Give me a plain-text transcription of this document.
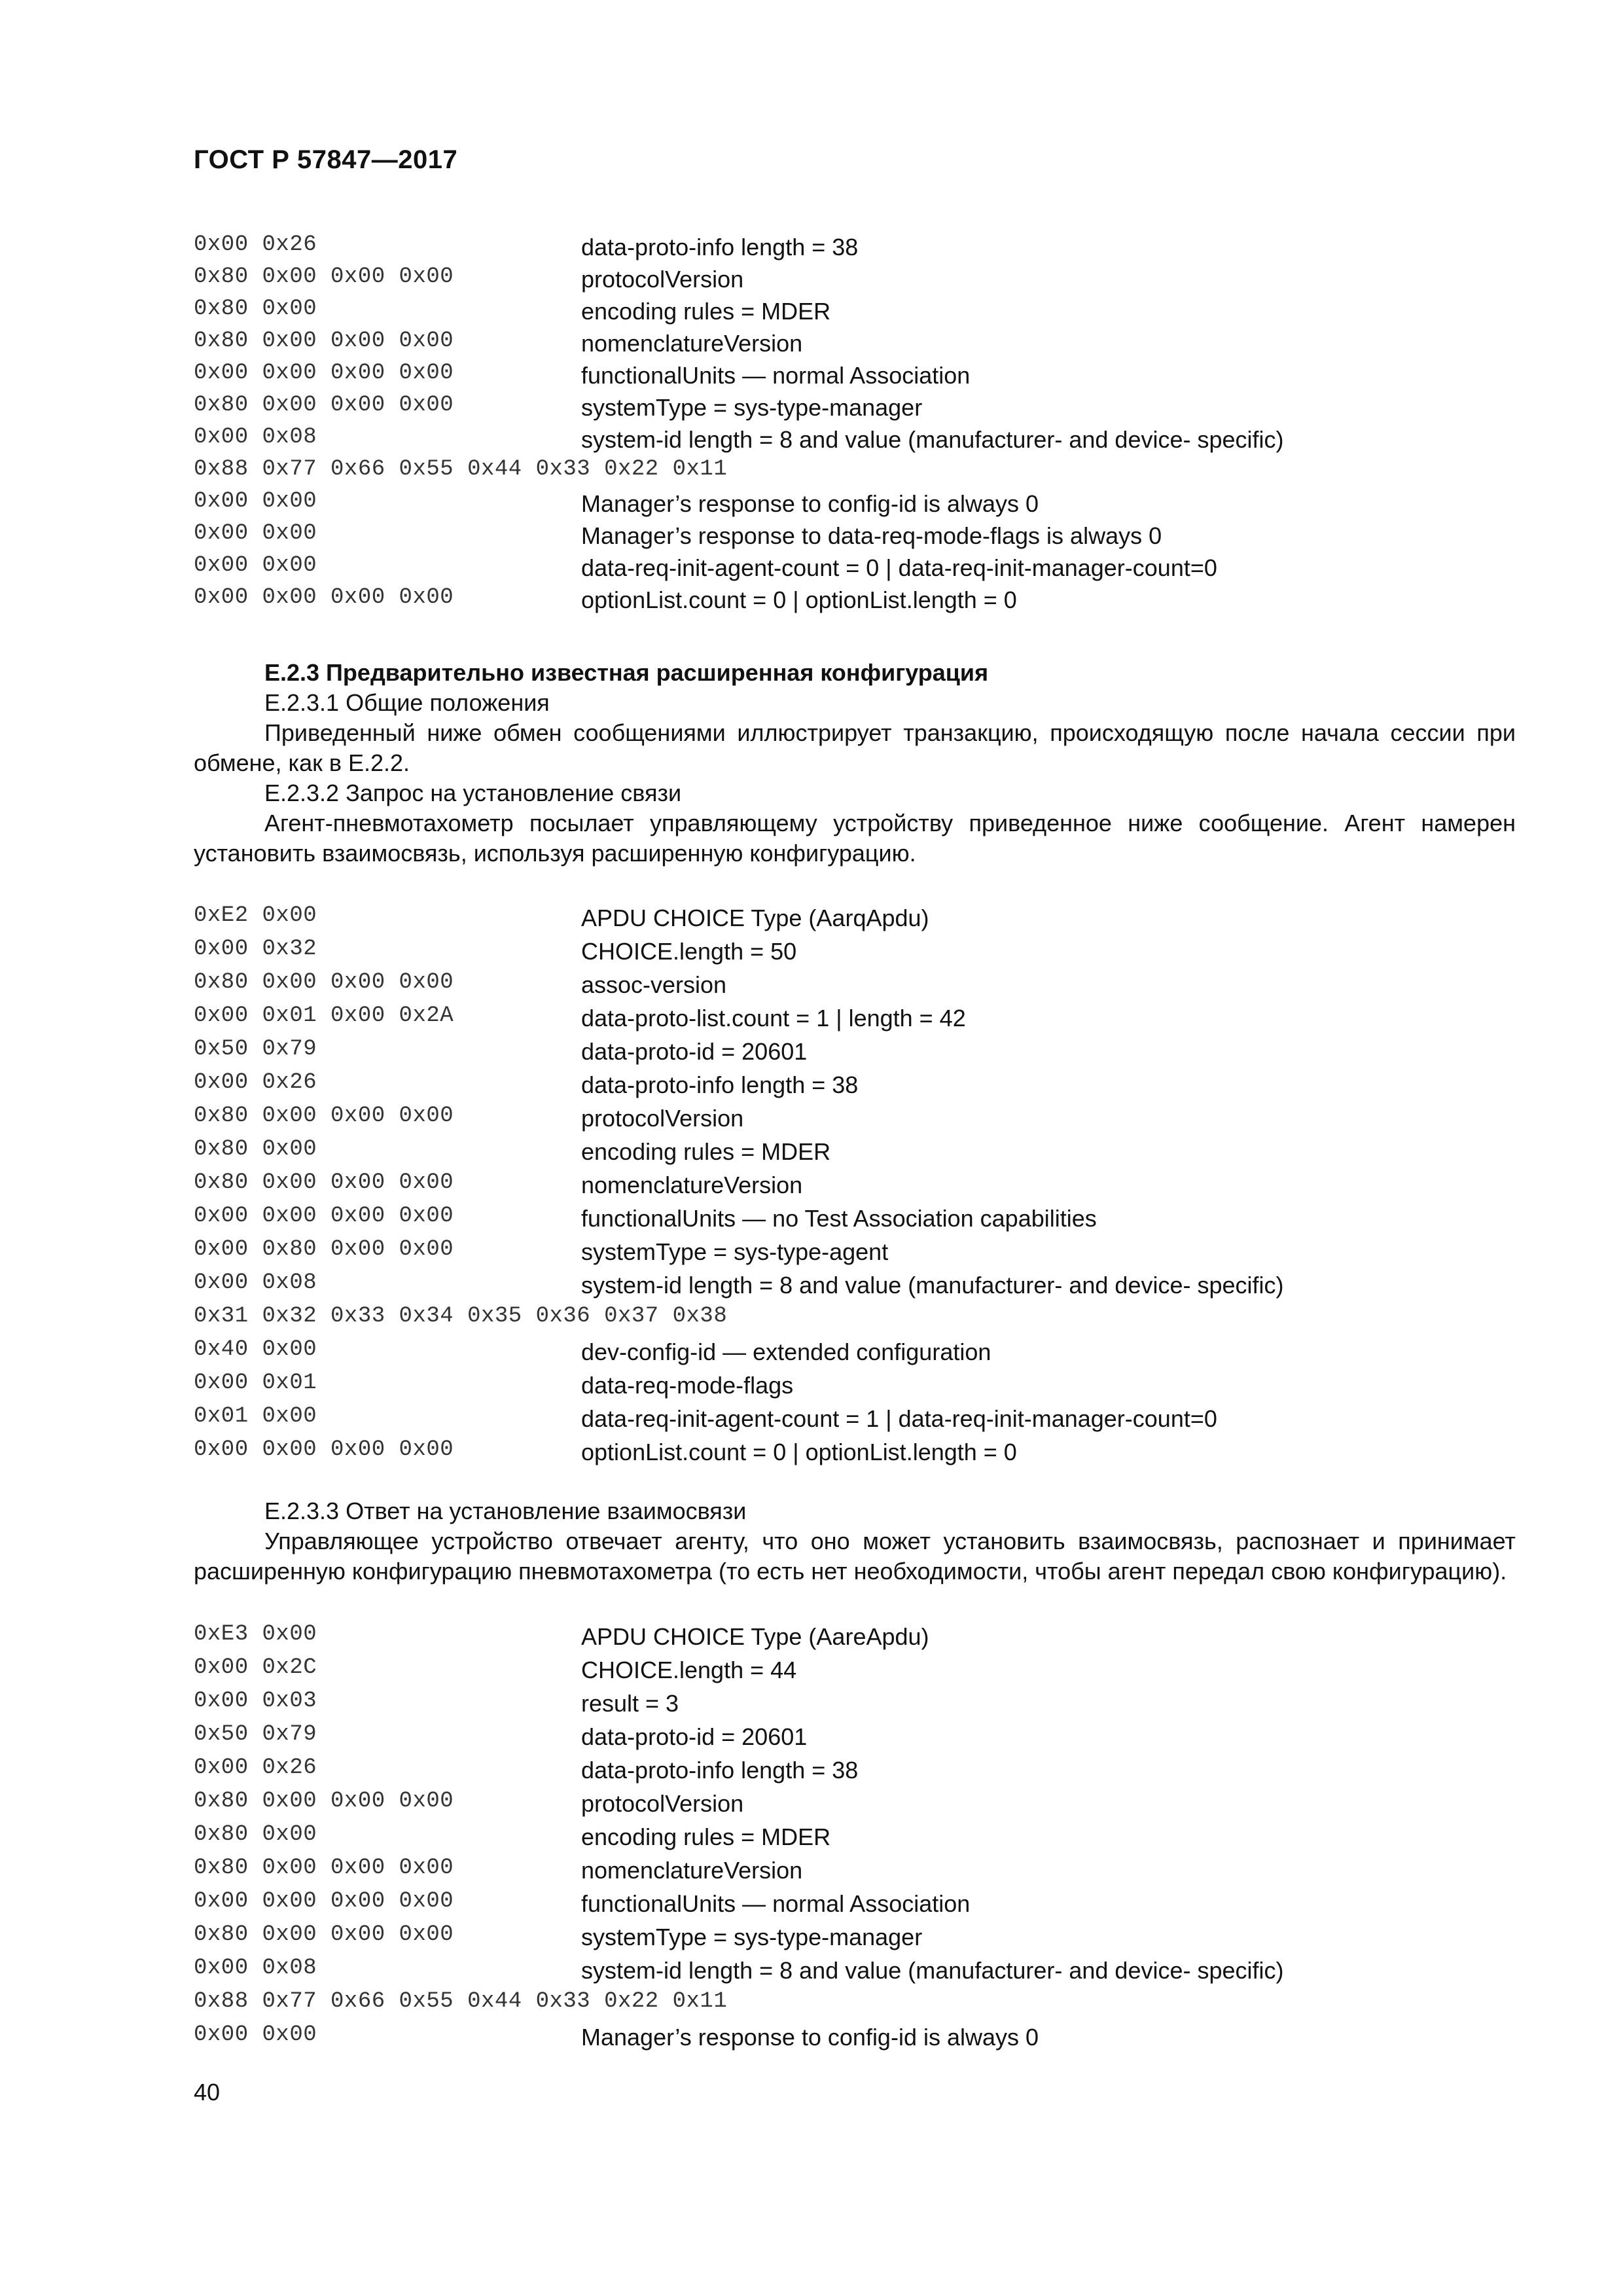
ГОСТ Р 57847—2017
0x00 0x26	data-proto-info length = 38
0x80 0x00 0x00 0x00	protocolVersion
0x80 0x00	encoding rules = MDER
0x80 0x00 0x00 0x00	nomenclatureVersion
0x00 0x00 0x00 0x00	functionalUnits — normal Association
0x80 0x00 0x00 0x00	systemType = sys-type-manager
0x00 0x08	system-id length = 8 and value (manufacturer- and device- specific)
0x88 0x77 0x66 0x55 0x44 0x33 0x22 0x11
0x00 0x00	Manager’s response to config-id is always 0
0x00 0x00	Manager’s response to data-req-mode-flags is always 0
0x00 0x00	data-req-init-agent-count = 0 | data-req-init-manager-count=0
0x00 0x00 0x00 0x00	optionList.count = 0 | optionList.length = 0
Е.2.3 Предварительно известная расширенная конфигурация
Е.2.3.1 Общие положения
Приведенный ниже обмен сообщениями иллюстрирует транзакцию, происходящую после начала сессии при обмене, как в Е.2.2.
Е.2.3.2 Запрос на установление связи
Агент-пневмотахометр посылает управляющему устройству приведенное ниже сообщение. Агент намерен установить взаимосвязь, используя расширенную конфигурацию.
0xE2 0x00	APDU CHOICE Type (AarqApdu)
0x00 0x32	CHOICE.length = 50
0x80 0x00 0x00 0x00	assoc-version
0x00 0x01 0x00 0x2A	data-proto-list.count = 1 | length = 42
0x50 0x79	data-proto-id = 20601
0x00 0x26	data-proto-info length = 38
0x80 0x00 0x00 0x00	protocolVersion
0x80 0x00	encoding rules = MDER
0x80 0x00 0x00 0x00	nomenclatureVersion
0x00 0x00 0x00 0x00	functionalUnits — no Test Association capabilities
0x00 0x80 0x00 0x00	systemType = sys-type-agent
0x00 0x08	system-id length = 8 and value (manufacturer- and device- specific)
0x31 0x32 0x33 0x34 0x35 0x36 0x37 0x38
0x40 0x00	dev-config-id — extended configuration
0x00 0x01	data-req-mode-flags
0x01 0x00	data-req-init-agent-count = 1 | data-req-init-manager-count=0
0x00 0x00 0x00 0x00	optionList.count = 0 | optionList.length = 0
Е.2.3.3 Ответ на установление взаимосвязи
Управляющее устройство отвечает агенту, что оно может установить взаимосвязь, распознает и принимает расширенную конфигурацию пневмотахометра (то есть нет необходимости, чтобы агент передал свою конфигурацию).
0xE3 0x00	APDU CHOICE Type (AareApdu)
0x00 0x2C	CHOICE.length = 44
0x00 0x03	result = 3
0x50 0x79	data-proto-id = 20601
0x00 0x26	data-proto-info length = 38
0x80 0x00 0x00 0x00	protocolVersion
0x80 0x00	encoding rules = MDER
0x80 0x00 0x00 0x00	nomenclatureVersion
0x00 0x00 0x00 0x00	functionalUnits — normal Association
0x80 0x00 0x00 0x00	systemType = sys-type-manager
0x00 0x08	system-id length = 8 and value (manufacturer- and device- specific)
0x88 0x77 0x66 0x55 0x44 0x33 0x22 0x11
0x00 0x00	Manager’s response to config-id is always 0
40
